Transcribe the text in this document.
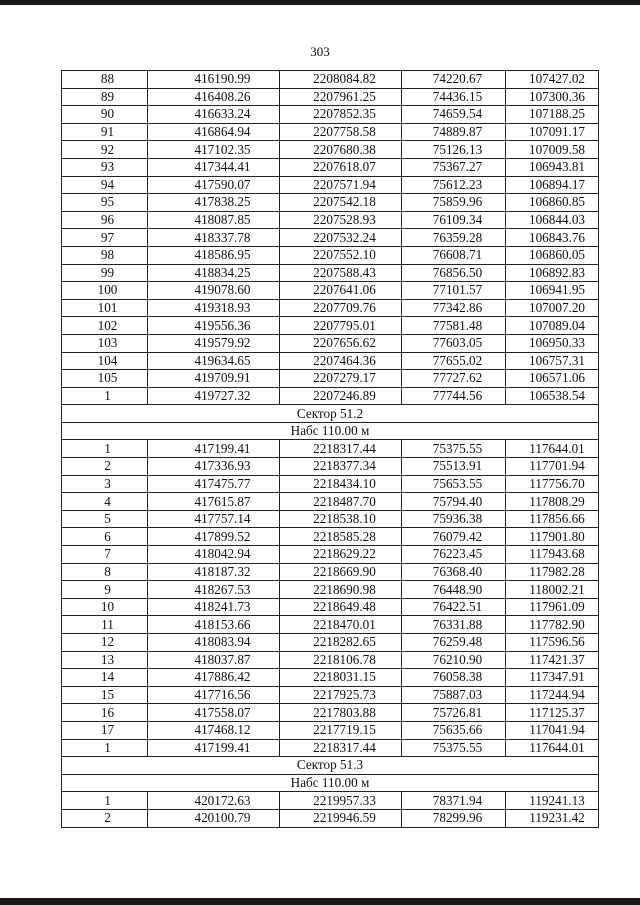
303
88	416190.99	2208084.82	74220.67	107427.02
89	416408.26	2207961.25	74436.15	107300.36
90	416633.24	2207852.35	74659.54	107188.25
91	416864.94	2207758.58	74889.87	107091.17
92	417102.35	2207680.38	75126.13	107009.58
93	417344.41	2207618.07	75367.27	106943.81
94	417590.07	2207571.94	75612.23	106894.17
95	417838.25	2207542.18	75859.96	106860.85
96	418087.85	2207528.93	76109.34	106844.03
97	418337.78	2207532.24	76359.28	106843.76
98	418586.95	2207552.10	76608.71	106860.05
99	418834.25	2207588.43	76856.50	106892.83
100	419078.60	2207641.06	77101.57	106941.95
101	419318.93	2207709.76	77342.86	107007.20
102	419556.36	2207795.01	77581.48	107089.04
103	419579.92	2207656.62	77603.05	106950.33
104	419634.65	2207464.36	77655.02	106757.31
105	419709.91	2207279.17	77727.62	106571.06
1	419727.32	2207246.89	77744.56	106538.54
Сектор 51.2				
Набс 110.00 м				
1	417199.41	2218317.44	75375.55	117644.01
2	417336.93	2218377.34	75513.91	117701.94
3	417475.77	2218434.10	75653.55	117756.70
4	417615.87	2218487.70	75794.40	117808.29
5	417757.14	2218538.10	75936.38	117856.66
6	417899.52	2218585.28	76079.42	117901.80
7	418042.94	2218629.22	76223.45	117943.68
8	418187.32	2218669.90	76368.40	117982.28
9	418267.53	2218690.98	76448.90	118002.21
10	418241.73	2218649.48	76422.51	117961.09
11	418153.66	2218470.01	76331.88	117782.90
12	418083.94	2218282.65	76259.48	117596.56
13	418037.87	2218106.78	76210.90	117421.37
14	417886.42	2218031.15	76058.38	117347.91
15	417716.56	2217925.73	75887.03	117244.94
16	417558.07	2217803.88	75726.81	117125.37
17	417468.12	2217719.15	75635.66	117041.94
1	417199.41	2218317.44	75375.55	117644.01
Сектор 51.3				
Набс 110.00 м				
1	420172.63	2219957.33	78371.94	119241.13
2	420100.79	2219946.59	78299.96	119231.42
